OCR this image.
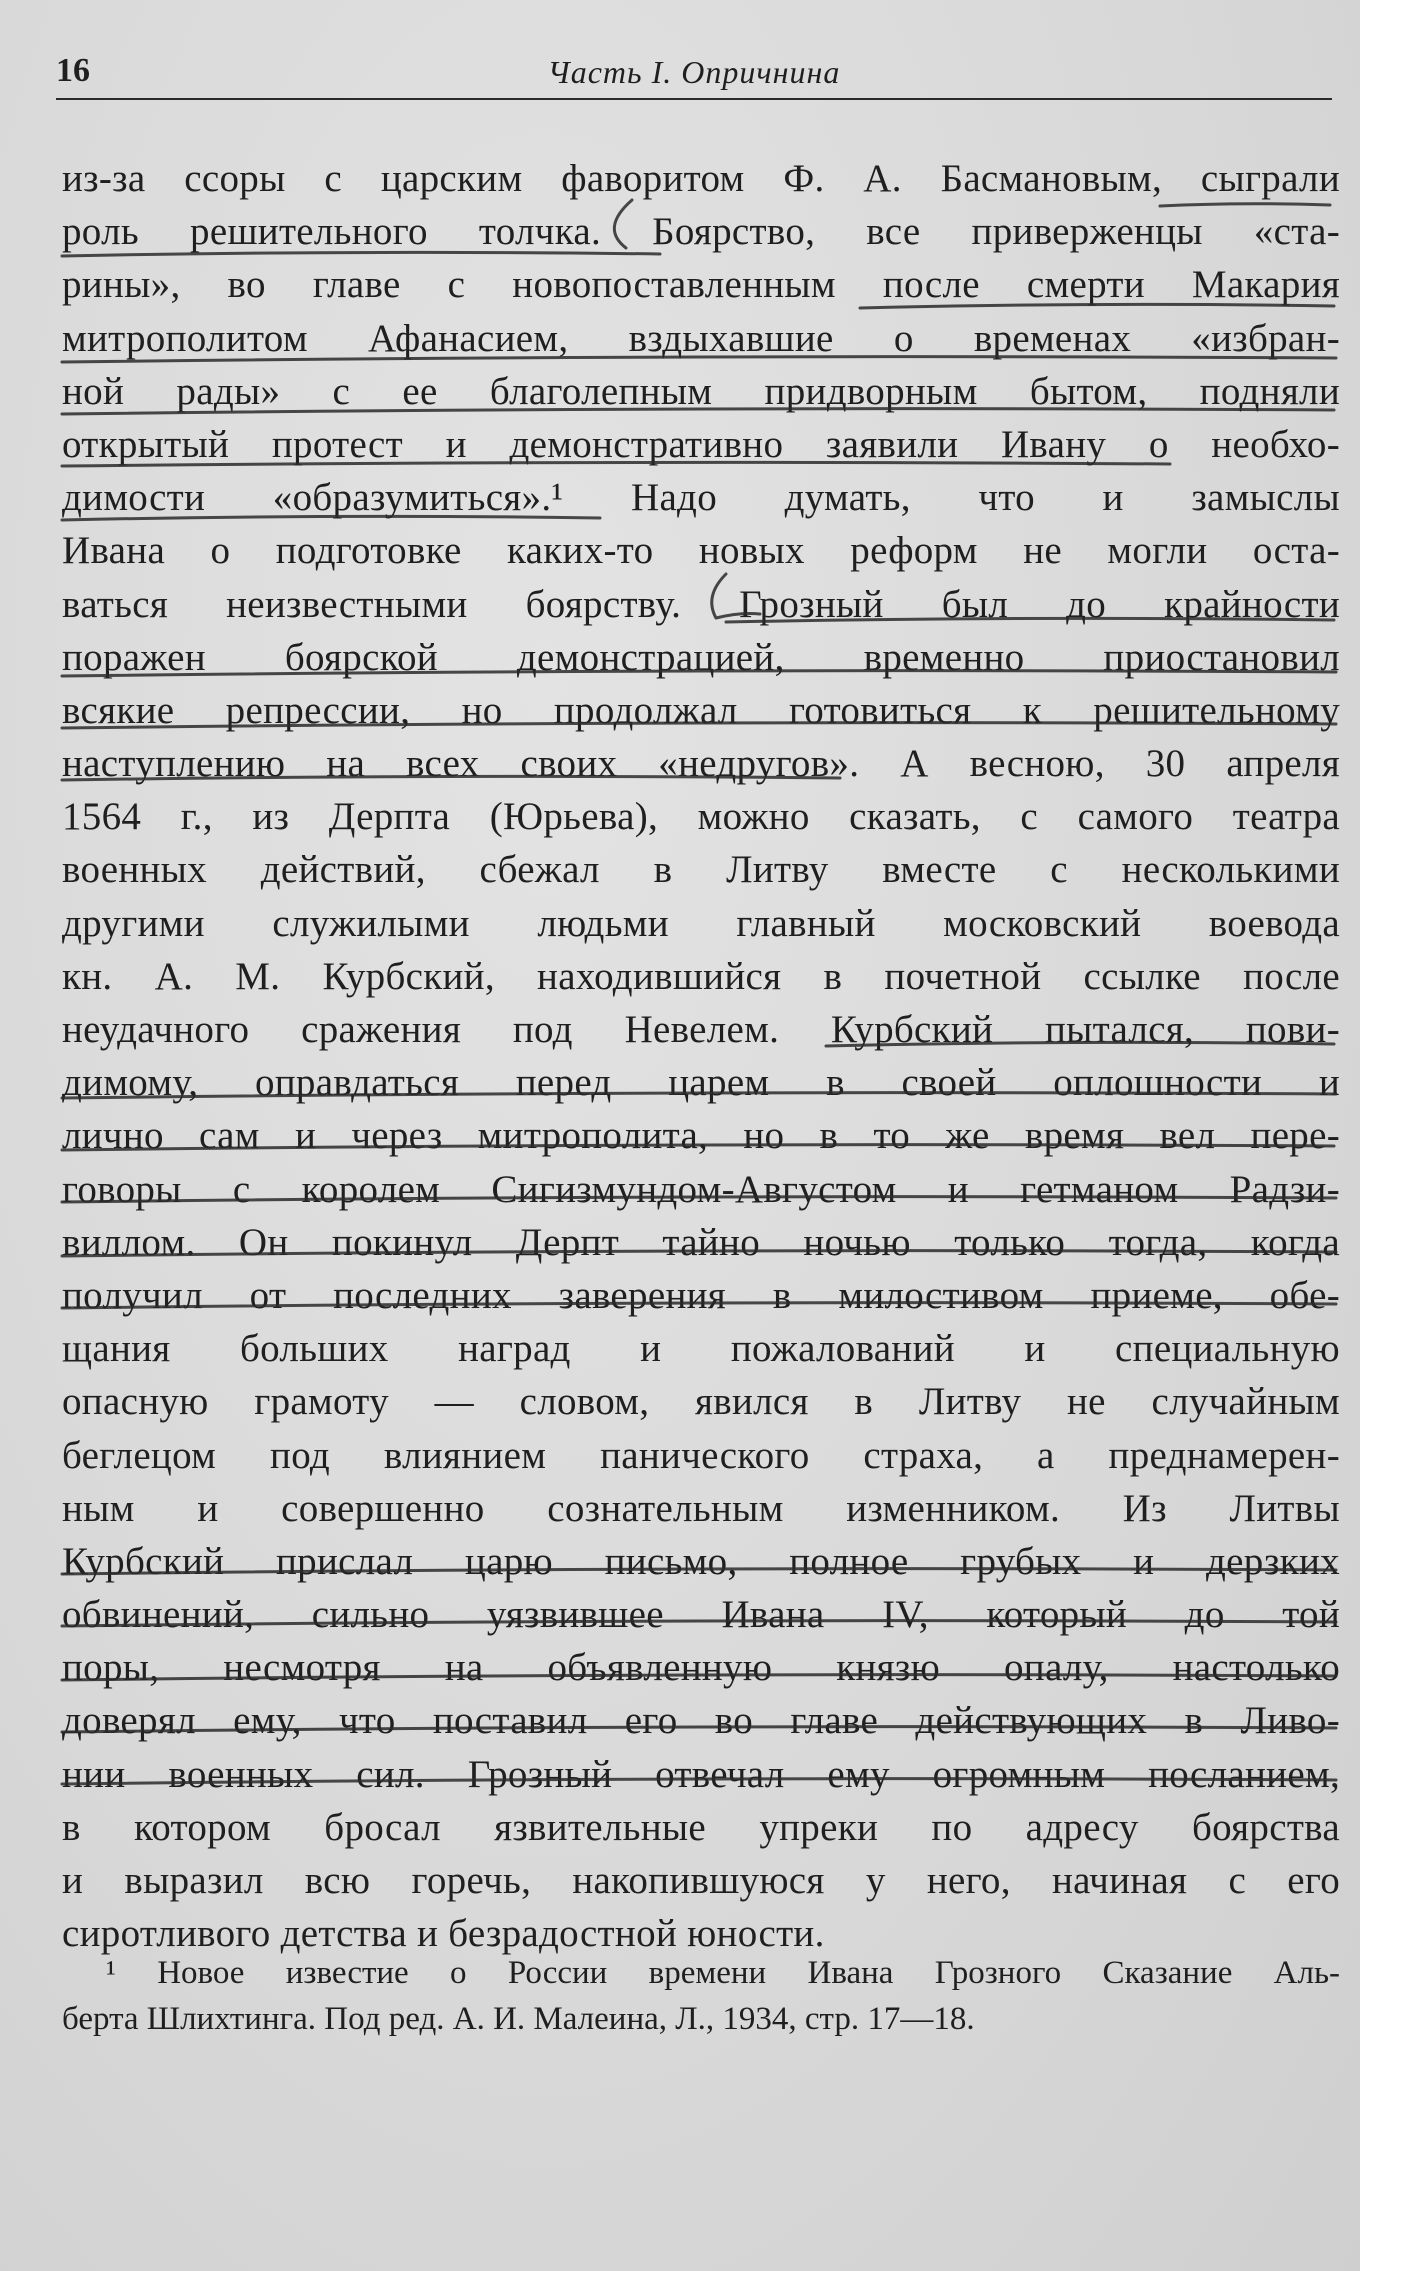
16	Часть I. Опричнина
из-за ссоры с царским фаворитом Ф. А. Басмановым, сыграли
роль решительного толчка. Боярство, все приверженцы «ста-
рины», во главе с новопоставленным после смерти Макария
митрополитом Афанасием, вздыхавшие о временах «избран-
ной рады» с ее благолепным придворным бытом, подняли
открытый протест и демонстративно заявили Ивану о необхо-
димости «образумиться».¹ Надо думать, что и замыслы
Ивана о подготовке каких-то новых реформ не могли оста-
ваться неизвестными боярству. Грозный был до крайности
поражен боярской демонстрацией, временно приостановил
всякие репрессии, но продолжал готовиться к решительному
наступлению на всех своих «недругов». А весною, 30 апреля
1564 г., из Дерпта (Юрьева), можно сказать, с самого театра
военных действий, сбежал в Литву вместе с несколькими
другими служилыми людьми главный московский воевода
кн. А. М. Курбский, находившийся в почетной ссылке после
неудачного сражения под Невелем. Курбский пытался, пови-
димому, оправдаться перед царем в своей оплошности и
лично сам и через митрополита, но в то же время вел пере-
говоры с королем Сигизмундом-Августом и гетманом Радзи-
виллом. Он покинул Дерпт тайно ночью только тогда, когда
получил от последних заверения в милостивом приеме, обе-
щания больших наград и пожалований и специальную
опасную грамоту — словом, явился в Литву не случайным
беглецом под влиянием панического страха, а преднамерен-
ным и совершенно сознательным изменником. Из Литвы
Курбский прислал царю письмо, полное грубых и дерзких
обвинений, сильно уязвившее Ивана IV, который до той
поры, несмотря на объявленную князю опалу, настолько
доверял ему, что поставил его во главе действующих в Ливо-
нии военных сил. Грозный отвечал ему огромным посланием,
в котором бросал язвительные упреки по адресу боярства
и выразил всю горечь, накопившуюся у него, начиная с его
сиротливого детства и безрадостной юности.
¹ Новое известие о России времени Ивана Грозного Сказание Аль-
берта Шлихтинга. Под ред. А. И. Малеина, Л., 1934, стр. 17—18.
